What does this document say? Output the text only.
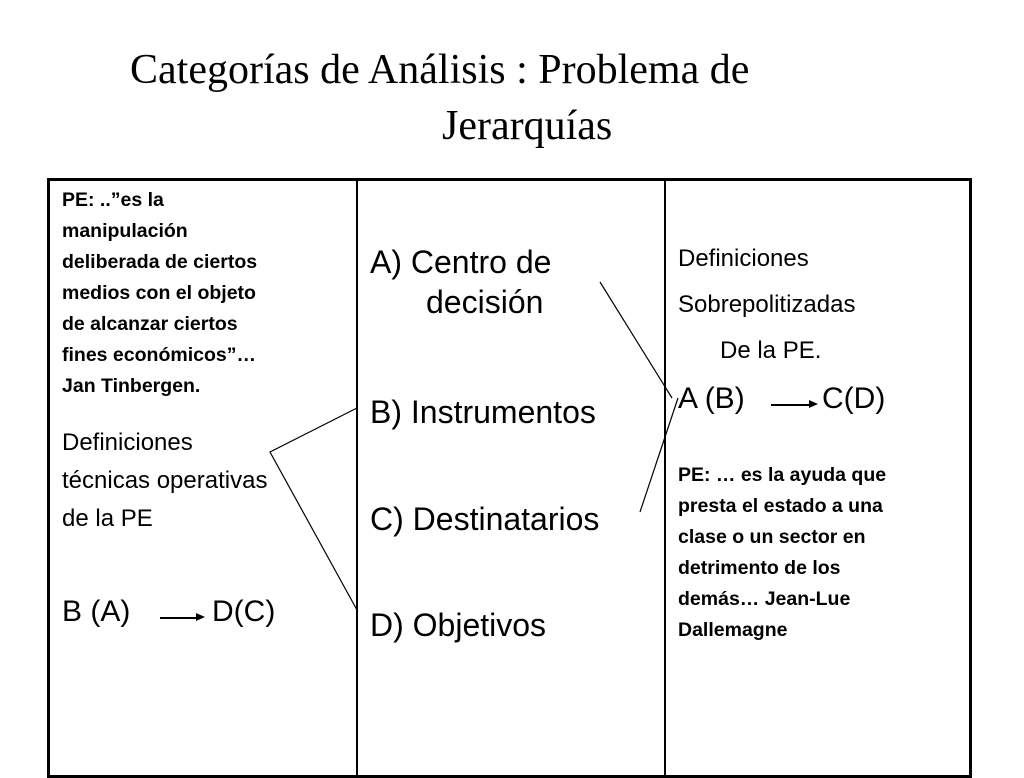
Categorías de Análisis : Problema de
Jerarquías
PE: ..”es la
manipulación
deliberada de ciertos
medios con el objeto
de alcanzar ciertos
fines económicos”…
Jan Tinbergen.
Definiciones
técnicas operativas
de la PE
B (A)	D(C)
A) Centro de
decisión
B) Instrumentos
C) Destinatarios
D) Objetivos
Definiciones
Sobrepolitizadas
De la PE.
A (B)	C(D)
PE: … es la ayuda que
presta el estado a una
clase o un sector en
detrimento de los
demás… Jean-Lue
Dallemagne
